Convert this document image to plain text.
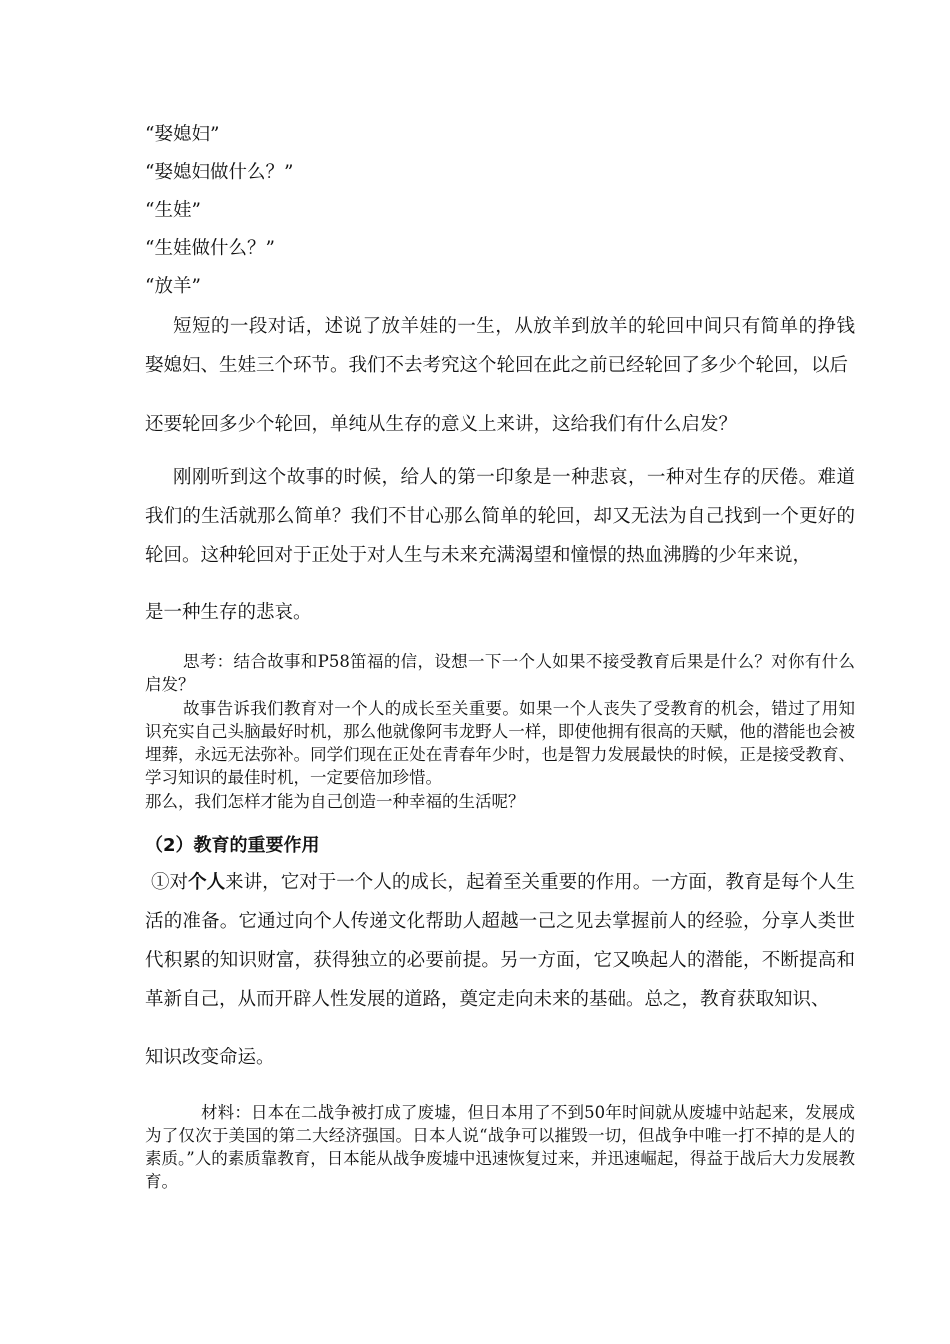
“娶媳妇”
“娶媳妇做什么？”
“生娃”
“生娃做什么？”
“放羊”

短短的一段对话，述说了放羊娃的一生，从放羊到放羊的轮回中间只有简单的挣钱娶媳妇、生娃三个环节。我们不去考究这个轮回在此之前已经轮回了多少个轮回，以后

还要轮回多少个轮回，单纯从生存的意义上来讲，这给我们有什么启发？

刚刚听到这个故事的时候，给人的第一印象是一种悲哀，一种对生存的厌倦。难道我们的生活就那么简单？我们不甘心那么简单的轮回，却又无法为自己找到一个更好的轮回。这种轮回对于正处于对人生与未来充满渴望和憧憬的热血沸腾的少年来说，

是一种生存的悲哀。

思考：结合故事和P58笛福的信，设想一下一个人如果不接受教育后果是什么？对你有什么启发？

故事告诉我们教育对一个人的成长至关重要。如果一个人丧失了受教育的机会，错过了用知识充实自己头脑最好时机，那么他就像阿韦龙野人一样，即使他拥有很高的天赋，他的潜能也会被埋葬，永远无法弥补。同学们现在正处在青春年少时，也是智力发展最快的时候，正是接受教育、学习知识的最佳时机，一定要倍加珍惜。

那么，我们怎样才能为自己创造一种幸福的生活呢？

（2）教育的重要作用

①对个人来讲，它对于一个人的成长，起着至关重要的作用。一方面，教育是每个人生活的准备。它通过向个人传递文化帮助人超越一己之见去掌握前人的经验，分享人类世代积累的知识财富，获得独立的必要前提。另一方面，它又唤起人的潜能，不断提高和革新自己，从而开辟人性发展的道路，奠定走向未来的基础。总之，教育获取知识、

知识改变命运。

材料：日本在二战争被打成了废墟，但日本用了不到50年时间就从废墟中站起来，发展成为了仅次于美国的第二大经济强国。日本人说“战争可以摧毁一切，但战争中唯一打不掉的是人的素质。”人的素质靠教育，日本能从战争废墟中迅速恢复过来，并迅速崛起，得益于战后大力发展教育。
